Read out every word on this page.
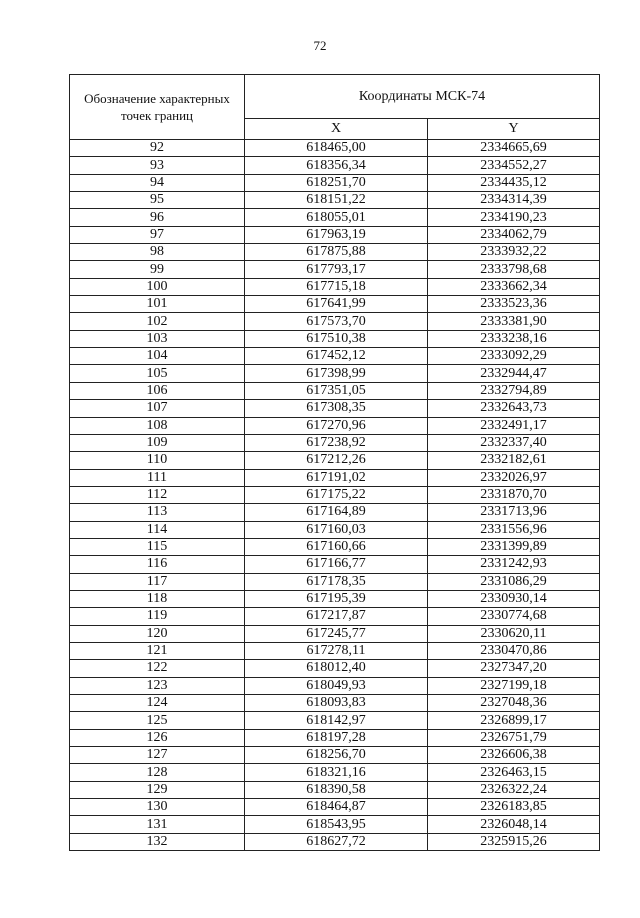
72
Обозначение характерных точек границ	Координаты МСК-74	
	X	Y
92	618465,00	2334665,69
93	618356,34	2334552,27
94	618251,70	2334435,12
95	618151,22	2334314,39
96	618055,01	2334190,23
97	617963,19	2334062,79
98	617875,88	2333932,22
99	617793,17	2333798,68
100	617715,18	2333662,34
101	617641,99	2333523,36
102	617573,70	2333381,90
103	617510,38	2333238,16
104	617452,12	2333092,29
105	617398,99	2332944,47
106	617351,05	2332794,89
107	617308,35	2332643,73
108	617270,96	2332491,17
109	617238,92	2332337,40
110	617212,26	2332182,61
111	617191,02	2332026,97
112	617175,22	2331870,70
113	617164,89	2331713,96
114	617160,03	2331556,96
115	617160,66	2331399,89
116	617166,77	2331242,93
117	617178,35	2331086,29
118	617195,39	2330930,14
119	617217,87	2330774,68
120	617245,77	2330620,11
121	617278,11	2330470,86
122	618012,40	2327347,20
123	618049,93	2327199,18
124	618093,83	2327048,36
125	618142,97	2326899,17
126	618197,28	2326751,79
127	618256,70	2326606,38
128	618321,16	2326463,15
129	618390,58	2326322,24
130	618464,87	2326183,85
131	618543,95	2326048,14
132	618627,72	2325915,26
